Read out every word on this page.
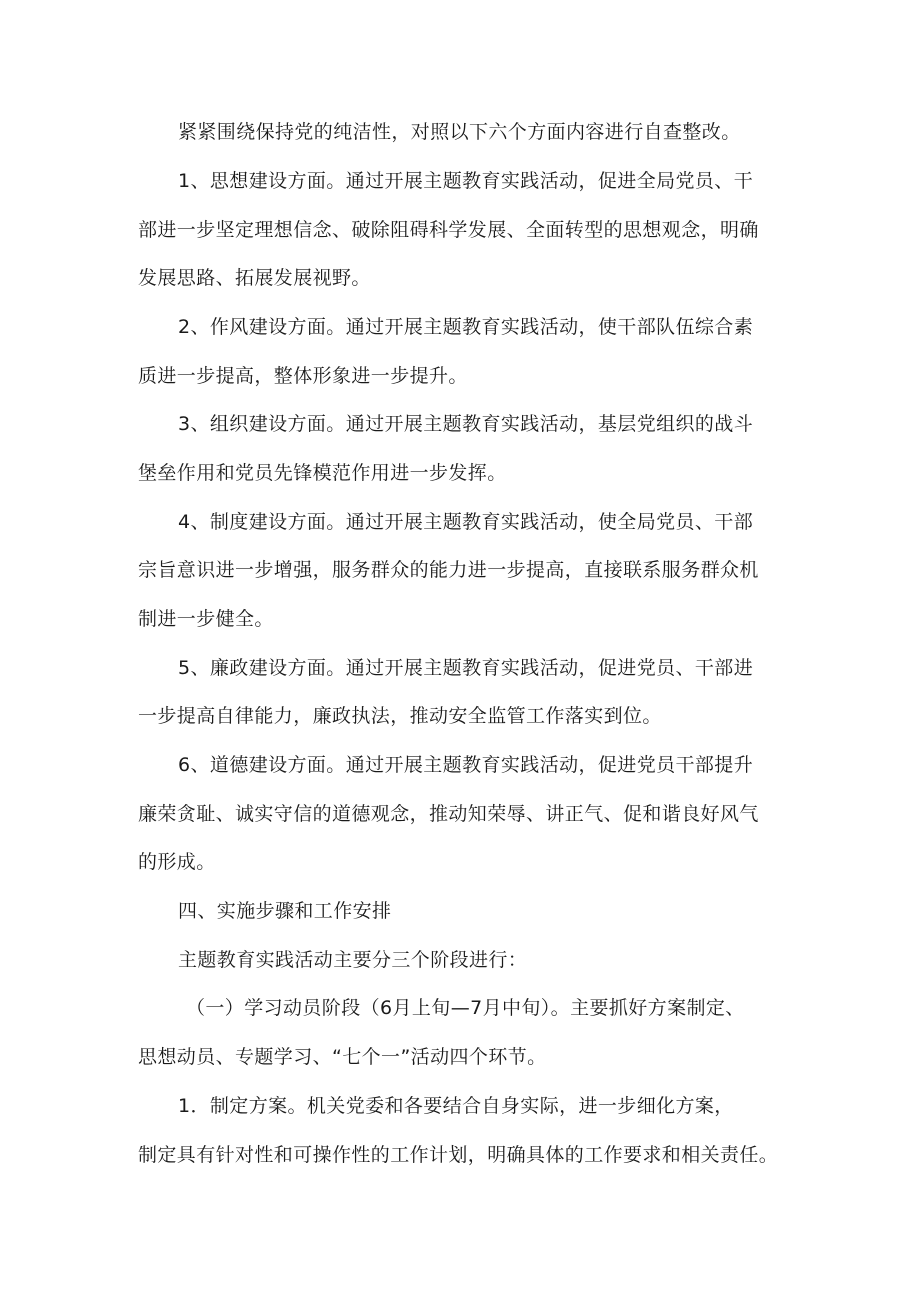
紧紧围绕保持党的纯洁性，对照以下六个方面内容进行自查整改。
1、思想建设方面。通过开展主题教育实践活动，促进全局党员、干
部进一步坚定理想信念、破除阻碍科学发展、全面转型的思想观念，明确
发展思路、拓展发展视野。
2、作风建设方面。通过开展主题教育实践活动，使干部队伍综合素
质进一步提高，整体形象进一步提升。
3、组织建设方面。通过开展主题教育实践活动，基层党组织的战斗
堡垒作用和党员先锋模范作用进一步发挥。
4、制度建设方面。通过开展主题教育实践活动，使全局党员、干部
宗旨意识进一步增强，服务群众的能力进一步提高，直接联系服务群众机
制进一步健全。
5、廉政建设方面。通过开展主题教育实践活动，促进党员、干部进
一步提高自律能力，廉政执法，推动安全监管工作落实到位。
6、道德建设方面。通过开展主题教育实践活动，促进党员干部提升
廉荣贪耻、诚实守信的道德观念，推动知荣辱、讲正气、促和谐良好风气
的形成。
四、实施步骤和工作安排
主题教育实践活动主要分三个阶段进行：
（一）学习动员阶段（6月上旬—7月中旬）。主要抓好方案制定、
思想动员、专题学习、“七个一”活动四个环节。
1．制定方案。机关党委和各要结合自身实际，进一步细化方案，
制定具有针对性和可操作性的工作计划，明确具体的工作要求和相关责任。
